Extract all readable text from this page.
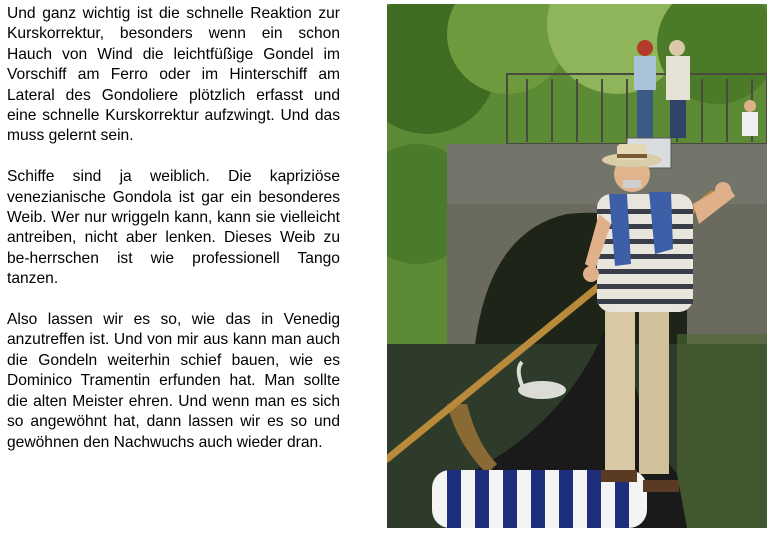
Und ganz wichtig ist die schnelle Reaktion zur Kurskorrektur, besonders wenn ein schon Hauch von Wind die leichtfüßige Gondel im Vorschiff am Ferro oder im Hinterschiff am Lateral des Gondoliere plötzlich erfasst und eine schnelle Kurskorrektur aufzwingt. Und das muss gelernt sein.

Schiffe sind ja weiblich. Die kapriziöse venezianische Gondola ist gar ein besonderes Weib. Wer nur wriggeln kann, kann sie vielleicht antreiben, nicht aber lenken. Dieses Weib zu be-herrschen ist wie professionell Tango tanzen.

Also lassen wir es so, wie das in Venedig anzutreffen ist. Und von mir aus kann man auch die Gondeln weiterhin schief bauen, wie es Dominico Tramentin erfunden hat. Man sollte die alten Meister ehren. Und wenn man es sich so angewöhnt hat, dann lassen wir es so und gewöhnen den Nachwuchs auch wieder dran.
